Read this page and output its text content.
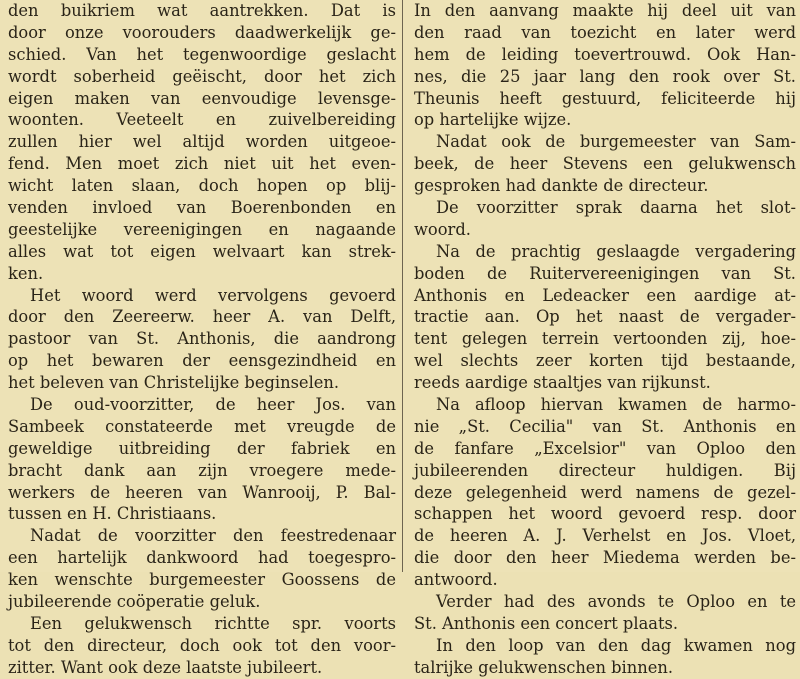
den buikriem wat aantrekken. Dat is
door onze voorouders daadwerkelijk ge-
schied. Van het tegenwoordige geslacht
wordt soberheid geëischt, door het zich
eigen maken van eenvoudige levensge-
woonten. Veeteelt en zuivelbereiding
zullen hier wel altijd worden uitgeoe-
fend. Men moet zich niet uit het even-
wicht laten slaan, doch hopen op blij-
venden invloed van Boerenbonden en
geestelijke vereenigingen en nagaande
alles wat tot eigen welvaart kan strek-
ken.
Het woord werd vervolgens gevoerd
door den Zeereerw. heer A. van Delft,
pastoor van St. Anthonis, die aandrong
op het bewaren der eensgezindheid en
het beleven van Christelijke beginselen.
De oud-voorzitter, de heer Jos. van
Sambeek constateerde met vreugde de
geweldige uitbreiding der fabriek en
bracht dank aan zijn vroegere mede-
werkers de heeren van Wanrooij, P. Bal-
tussen en H. Christiaans.
Nadat de voorzitter den feestredenaar
een hartelijk dankwoord had toegespro-
ken wenschte burgemeester Goossens de
jubileerende coöperatie geluk.
Een gelukwensch richtte spr. voorts
tot den directeur, doch ook tot den voor-
zitter. Want ook deze laatste jubileert.
In den aanvang maakte hij deel uit van
den raad van toezicht en later werd
hem de leiding toevertrouwd. Ook Han-
nes, die 25 jaar lang den rook over St.
Theunis heeft gestuurd, feliciteerde hij
op hartelijke wijze.
Nadat ook de burgemeester van Sam-
beek, de heer Stevens een gelukwensch
gesproken had dankte de directeur.
De voorzitter sprak daarna het slot-
woord.
Na de prachtig geslaagde vergadering
boden de Ruitervereenigingen van St.
Anthonis en Ledeacker een aardige at-
tractie aan. Op het naast de vergader-
tent gelegen terrein vertoonden zij, hoe-
wel slechts zeer korten tijd bestaande,
reeds aardige staaltjes van rijkunst.
Na afloop hiervan kwamen de harmo-
nie „St. Cecilia" van St. Anthonis en
de fanfare „Excelsior" van Oploo den
jubileerenden directeur huldigen. Bij
deze gelegenheid werd namens de gezel-
schappen het woord gevoerd resp. door
de heeren A. J. Verhelst en Jos. Vloet,
die door den heer Miedema werden be-
antwoord.
Verder had des avonds te Oploo en te
St. Anthonis een concert plaats.
In den loop van den dag kwamen nog
talrijke gelukwenschen binnen.
